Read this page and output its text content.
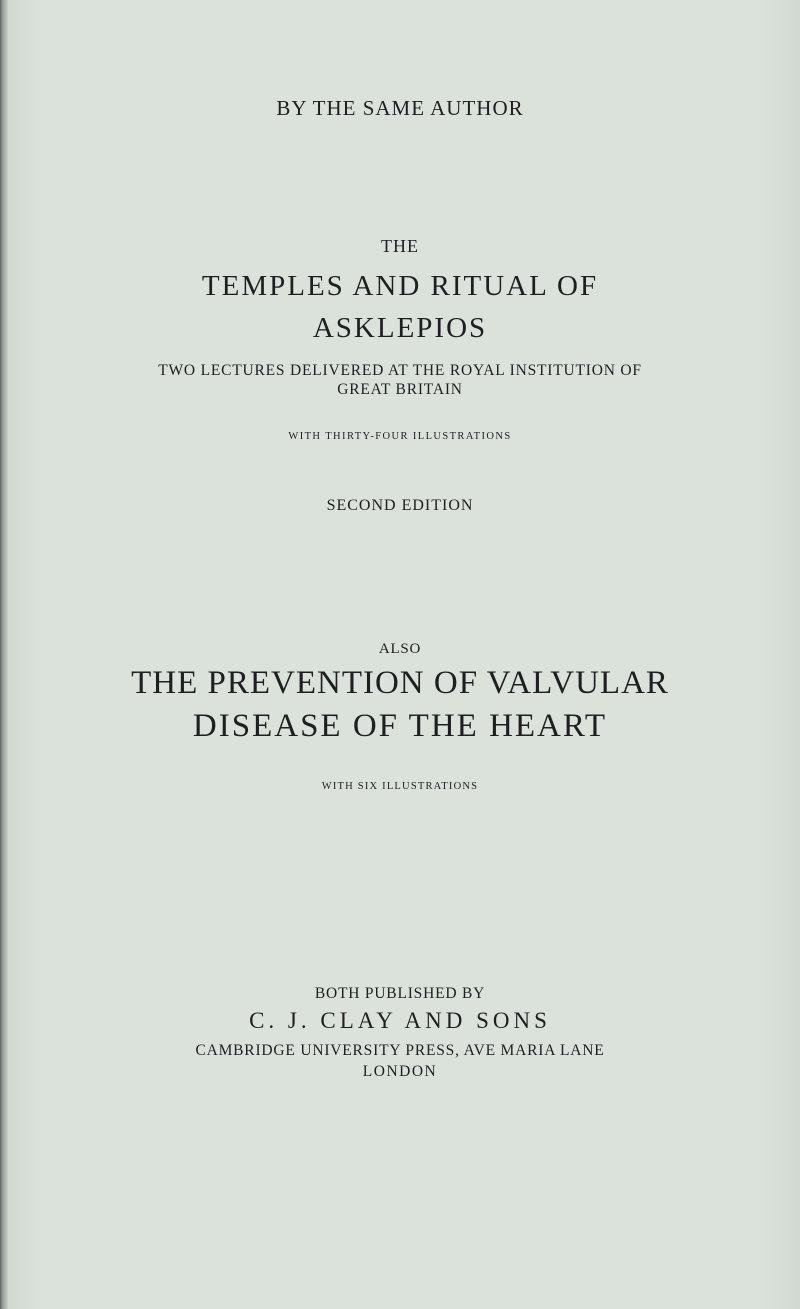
BY THE SAME AUTHOR
THE
TEMPLES AND RITUAL OF
ASKLEPIOS
TWO LECTURES DELIVERED AT THE ROYAL INSTITUTION OF
GREAT BRITAIN
WITH THIRTY-FOUR ILLUSTRATIONS
SECOND EDITION
ALSO
THE PREVENTION OF VALVULAR
DISEASE OF THE HEART
WITH SIX ILLUSTRATIONS
BOTH PUBLISHED BY
C. J. CLAY AND SONS
CAMBRIDGE UNIVERSITY PRESS, AVE MARIA LANE
LONDON
